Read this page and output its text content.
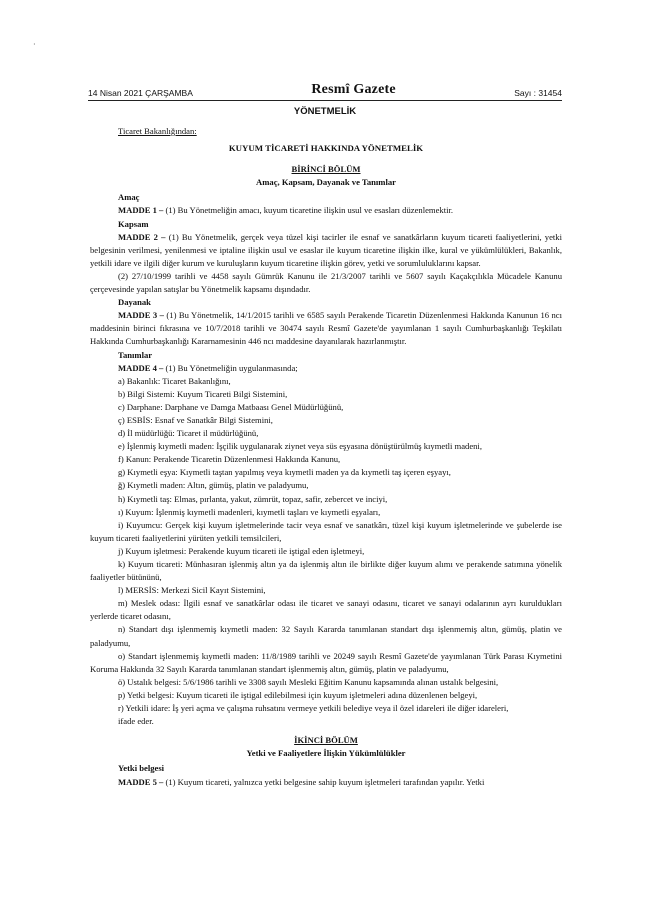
·
14 Nisan 2021 ÇARŞAMBA	Resmî Gazete	Sayı : 31454
YÖNETMELİK

Ticaret Bakanlığından:

KUYUM TİCARETİ HAKKINDA YÖNETMELİK

BİRİNCİ BÖLÜM

Amaç, Kapsam, Dayanak ve Tanımlar

Amaç

MADDE 1 – (1) Bu Yönetmeliğin amacı, kuyum ticaretine ilişkin usul ve esasları düzenlemektir.

Kapsam

MADDE 2 – (1) Bu Yönetmelik, gerçek veya tüzel kişi tacirler ile esnaf ve sanatkârların kuyum ticareti faaliyetlerini, yetki belgesinin verilmesi, yenilenmesi ve iptaline ilişkin usul ve esaslar ile kuyum ticaretine ilişkin ilke, kural ve yükümlülükleri, Bakanlık, yetkili idare ve ilgili diğer kurum ve kuruluşların kuyum ticaretine ilişkin görev, yetki ve sorumluluklarını kapsar.

(2) 27/10/1999 tarihli ve 4458 sayılı Gümrük Kanunu ile 21/3/2007 tarihli ve 5607 sayılı Kaçakçılıkla Mücadele Kanunu çerçevesinde yapılan satışlar bu Yönetmelik kapsamı dışındadır.

Dayanak

MADDE 3 – (1) Bu Yönetmelik, 14/1/2015 tarihli ve 6585 sayılı Perakende Ticaretin Düzenlenmesi Hakkında Kanunun 16 ncı maddesinin birinci fıkrasına ve 10/7/2018 tarihli ve 30474 sayılı Resmî Gazete'de yayımlanan 1 sayılı Cumhurbaşkanlığı Teşkilatı Hakkında Cumhurbaşkanlığı Kararnamesinin 446 ncı maddesine dayanılarak hazırlanmıştır.

Tanımlar

MADDE 4 – (1) Bu Yönetmeliğin uygulanmasında;

a) Bakanlık: Ticaret Bakanlığını,

b) Bilgi Sistemi: Kuyum Ticareti Bilgi Sistemini,

c) Darphane: Darphane ve Damga Matbaası Genel Müdürlüğünü,

ç) ESBİS: Esnaf ve Sanatkâr Bilgi Sistemini,

d) İl müdürlüğü: Ticaret il müdürlüğünü,

e) İşlenmiş kıymetli maden: İşçilik uygulanarak ziynet veya süs eşyasına dönüştürülmüş kıymetli madeni,

f) Kanun: Perakende Ticaretin Düzenlenmesi Hakkında Kanunu,

g) Kıymetli eşya: Kıymetli taştan yapılmış veya kıymetli maden ya da kıymetli taş içeren eşyayı,

ğ) Kıymetli maden: Altın, gümüş, platin ve paladyumu,

h) Kıymetli taş: Elmas, pırlanta, yakut, zümrüt, topaz, safir, zebercet ve inciyi,

ı) Kuyum: İşlenmiş kıymetli madenleri, kıymetli taşları ve kıymetli eşyaları,

i) Kuyumcu: Gerçek kişi kuyum işletmelerinde tacir veya esnaf ve sanatkârı, tüzel kişi kuyum işletmelerinde ve şubelerde ise kuyum ticareti faaliyetlerini yürüten yetkili temsilcileri,

j) Kuyum işletmesi: Perakende kuyum ticareti ile iştigal eden işletmeyi,

k) Kuyum ticareti: Münhasıran işlenmiş altın ya da işlenmiş altın ile birlikte diğer kuyum alımı ve perakende satımına yönelik faaliyetler bütününü,

l) MERSİS: Merkezi Sicil Kayıt Sistemini,

m) Meslek odası: İlgili esnaf ve sanatkârlar odası ile ticaret ve sanayi odasını, ticaret ve sanayi odalarının ayrı kuruldukları yerlerde ticaret odasını,

n) Standart dışı işlenmemiş kıymetli maden: 32 Sayılı Kararda tanımlanan standart dışı işlenmemiş altın, gümüş, platin ve paladyumu,

o) Standart işlenmemiş kıymetli maden: 11/8/1989 tarihli ve 20249 sayılı Resmî Gazete'de yayımlanan Türk Parası Kıymetini Koruma Hakkında 32 Sayılı Kararda tanımlanan standart işlenmemiş altın, gümüş, platin ve paladyumu,

ö) Ustalık belgesi: 5/6/1986 tarihli ve 3308 sayılı Mesleki Eğitim Kanunu kapsamında alınan ustalık belgesini,

p) Yetki belgesi: Kuyum ticareti ile iştigal edilebilmesi için kuyum işletmeleri adına düzenlenen belgeyi,

r) Yetkili idare: İş yeri açma ve çalışma ruhsatını vermeye yetkili belediye veya il özel idareleri ile diğer idareleri,

ifade eder.

İKİNCİ BÖLÜM

Yetki ve Faaliyetlere İlişkin Yükümlülükler

Yetki belgesi

MADDE 5 – (1) Kuyum ticareti, yalnızca yetki belgesine sahip kuyum işletmeleri tarafından yapılır. Yetki
